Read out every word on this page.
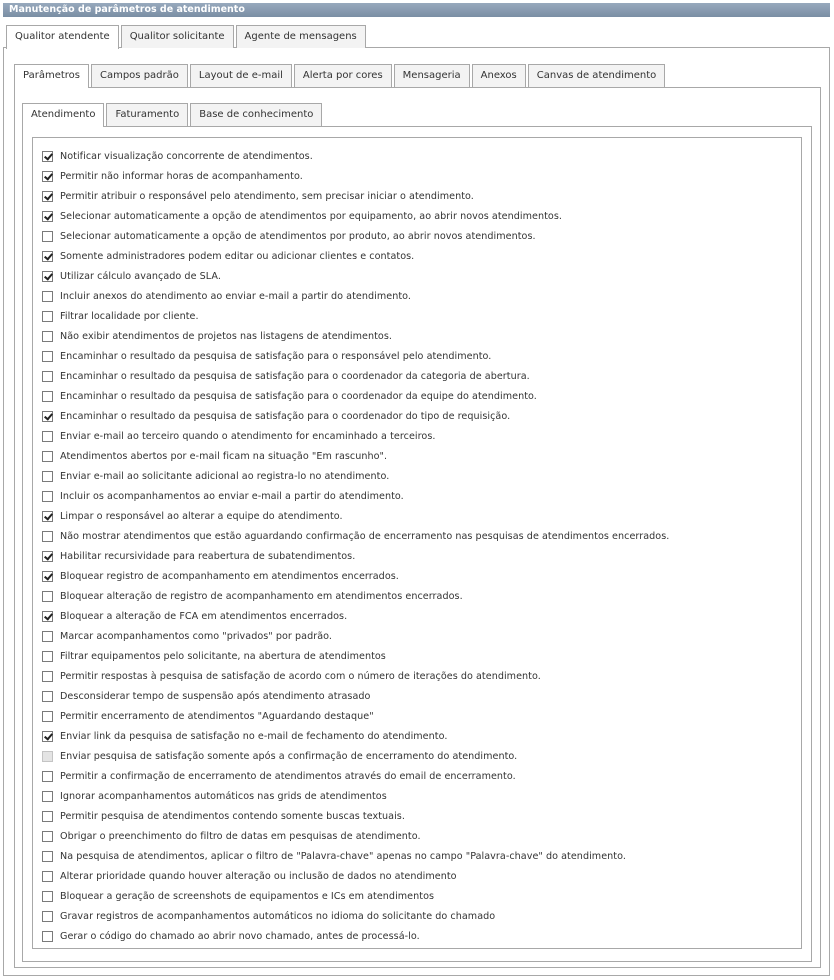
Manutenção de parâmetros de atendimento
Qualitor atendente	Qualitor solicitante	Agente de mensagens
Parâmetros	Campos padrão	Layout de e-mail	Alerta por cores	Mensageria	Anexos	Canvas de atendimento
Atendimento	Faturamento	Base de conhecimento
Notificar visualização concorrente de atendimentos.
Permitir não informar horas de acompanhamento.
Permitir atribuir o responsável pelo atendimento, sem precisar iniciar o atendimento.
Selecionar automaticamente a opção de atendimentos por equipamento, ao abrir novos atendimentos.
Selecionar automaticamente a opção de atendimentos por produto, ao abrir novos atendimentos.
Somente administradores podem editar ou adicionar clientes e contatos.
Utilizar cálculo avançado de SLA.
Incluir anexos do atendimento ao enviar e-mail a partir do atendimento.
Filtrar localidade por cliente.
Não exibir atendimentos de projetos nas listagens de atendimentos.
Encaminhar o resultado da pesquisa de satisfação para o responsável pelo atendimento.
Encaminhar o resultado da pesquisa de satisfação para o coordenador da categoria de abertura.
Encaminhar o resultado da pesquisa de satisfação para o coordenador da equipe do atendimento.
Encaminhar o resultado da pesquisa de satisfação para o coordenador do tipo de requisição.
Enviar e-mail ao terceiro quando o atendimento for encaminhado a terceiros.
Atendimentos abertos por e-mail ficam na situação "Em rascunho".
Enviar e-mail ao solicitante adicional ao registra-lo no atendimento.
Incluir os acompanhamentos ao enviar e-mail a partir do atendimento.
Limpar o responsável ao alterar a equipe do atendimento.
Não mostrar atendimentos que estão aguardando confirmação de encerramento nas pesquisas de atendimentos encerrados.
Habilitar recursividade para reabertura de subatendimentos.
Bloquear registro de acompanhamento em atendimentos encerrados.
Bloquear alteração de registro de acompanhamento em atendimentos encerrados.
Bloquear a alteração de FCA em atendimentos encerrados.
Marcar acompanhamentos como "privados" por padrão.
Filtrar equipamentos pelo solicitante, na abertura de atendimentos
Permitir respostas à pesquisa de satisfação de acordo com o número de iterações do atendimento.
Desconsiderar tempo de suspensão após atendimento atrasado
Permitir encerramento de atendimentos "Aguardando destaque"
Enviar link da pesquisa de satisfação no e-mail de fechamento do atendimento.
Enviar pesquisa de satisfação somente após a confirmação de encerramento do atendimento.
Permitir a confirmação de encerramento de atendimentos através do email de encerramento.
Ignorar acompanhamentos automáticos nas grids de atendimentos
Permitir pesquisa de atendimentos contendo somente buscas textuais.
Obrigar o preenchimento do filtro de datas em pesquisas de atendimento.
Na pesquisa de atendimentos, aplicar o filtro de "Palavra-chave" apenas no campo "Palavra-chave" do atendimento.
Alterar prioridade quando houver alteração ou inclusão de dados no atendimento
Bloquear a geração de screenshots de equipamentos e ICs em atendimentos
Gravar registros de acompanhamentos automáticos no idioma do solicitante do chamado
Gerar o código do chamado ao abrir novo chamado, antes de processá-lo.
